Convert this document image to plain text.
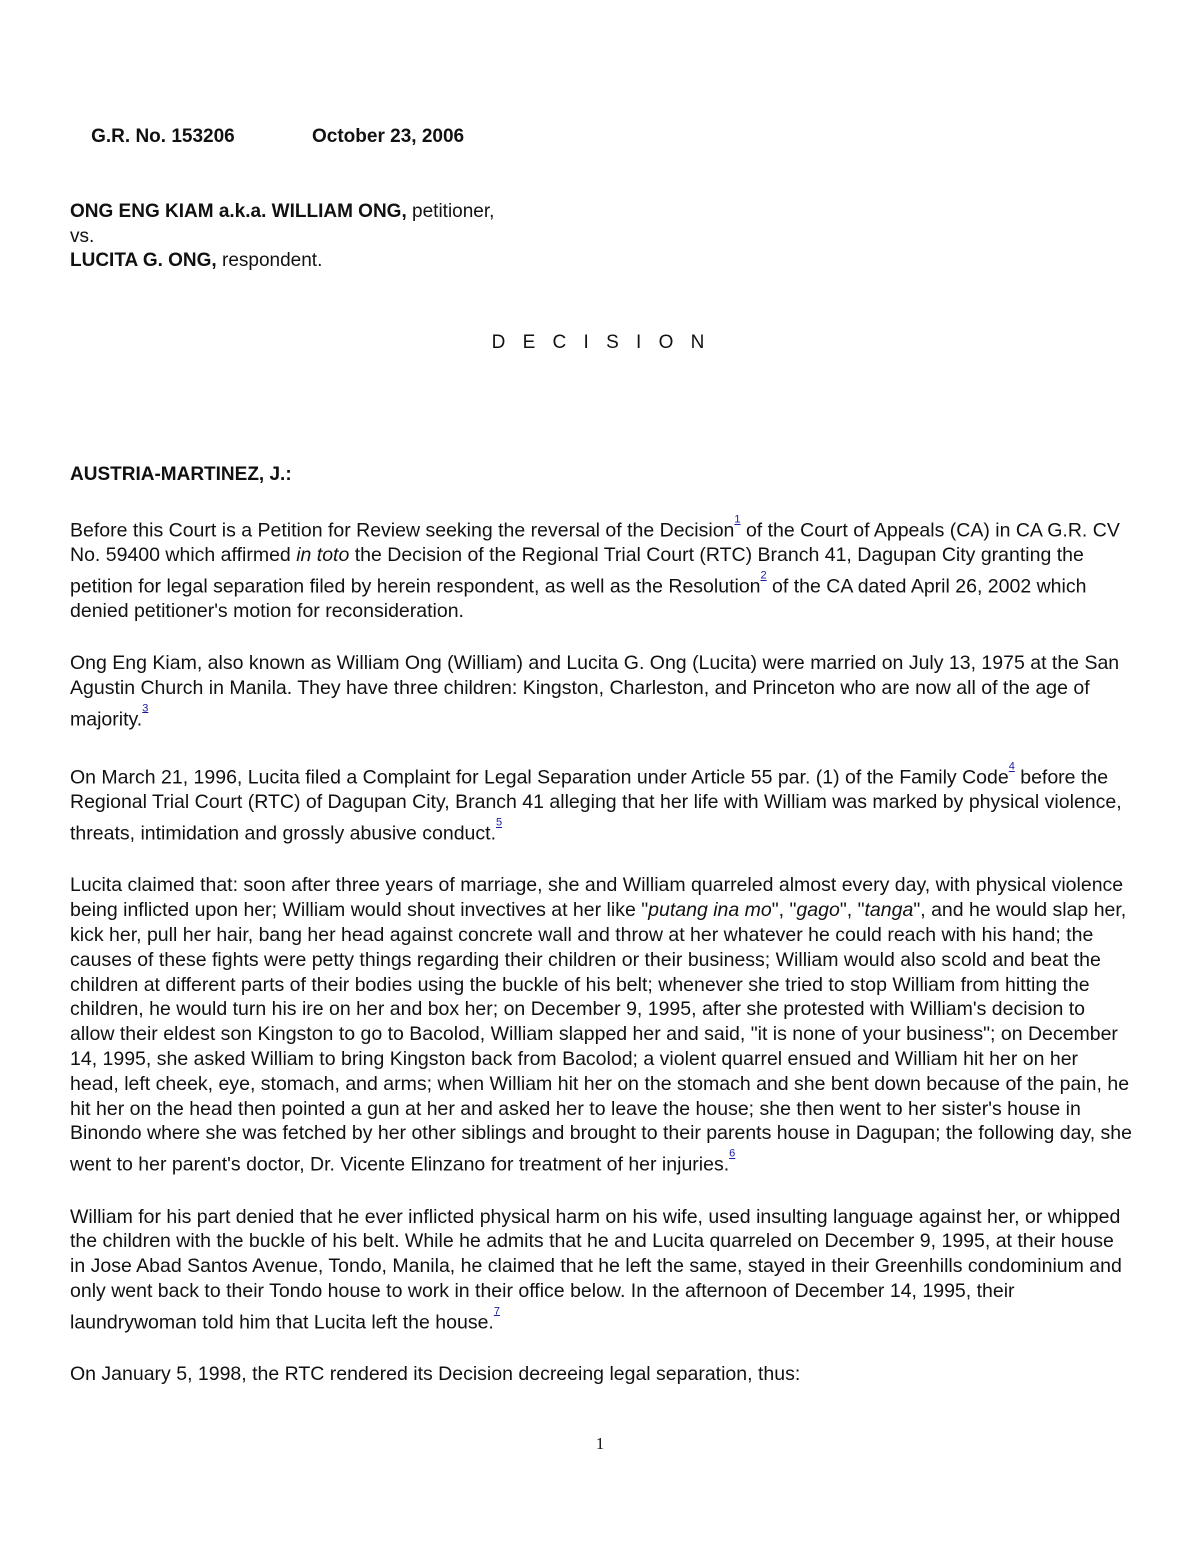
G.R. No. 153206	October 23, 2006

ONG ENG KIAM a.k.a. WILLIAM ONG, petitioner,
vs.
LUCITA G. ONG, respondent.
D E C I S I O N
AUSTRIA-MARTINEZ, J.:

Before this Court is a Petition for Review seeking the reversal of the Decision$^{^1}$ of the Court of Appeals (CA) in CA G.R. CV No. 59400 which affirmed in toto the Decision of the Regional Trial Court (RTC) Branch 41, Dagupan City granting the petition for legal separation filed by herein respondent, as well as the Resolution$^{^2}$ of the CA dated April 26, 2002 which denied petitioner's motion for reconsideration.

Ong Eng Kiam, also known as William Ong (William) and Lucita G. Ong (Lucita) were married on July 13, 1975 at the San Agustin Church in Manila. They have three children: Kingston, Charleston, and Princeton who are now all of the age of majority.$^{^3}$

On March 21, 1996, Lucita filed a Complaint for Legal Separation under Article 55 par. (1) of the Family Code$^{^4}$ before the Regional Trial Court (RTC) of Dagupan City, Branch 41 alleging that her life with William was marked by physical violence, threats, intimidation and grossly abusive conduct.$^{^5}$

Lucita claimed that: soon after three years of marriage, she and William quarreled almost every day, with physical violence being inflicted upon her; William would shout invectives at her like "putang ina mo", "gago", "tanga", and he would slap her, kick her, pull her hair, bang her head against concrete wall and throw at her whatever he could reach with his hand; the causes of these fights were petty things regarding their children or their business; William would also scold and beat the children at different parts of their bodies using the buckle of his belt; whenever she tried to stop William from hitting the children, he would turn his ire on her and box her; on December 9, 1995, after she protested with William's decision to allow their eldest son Kingston to go to Bacolod, William slapped her and said, "it is none of your business"; on December 14, 1995, she asked William to bring Kingston back from Bacolod; a violent quarrel ensued and William hit her on her head, left cheek, eye, stomach, and arms; when William hit her on the stomach and she bent down because of the pain, he hit her on the head then pointed a gun at her and asked her to leave the house; she then went to her sister's house in Binondo where she was fetched by her other siblings and brought to their parents house in Dagupan; the following day, she went to her parent's doctor, Dr. Vicente Elinzano for treatment of her injuries.$^{^6}$

William for his part denied that he ever inflicted physical harm on his wife, used insulting language against her, or whipped the children with the buckle of his belt. While he admits that he and Lucita quarreled on December 9, 1995, at their house in Jose Abad Santos Avenue, Tondo, Manila, he claimed that he left the same, stayed in their Greenhills condominium and only went back to their Tondo house to work in their office below. In the afternoon of December 14, 1995, their laundrywoman told him that Lucita left the house.$^{^7}$

On January 5, 1998, the RTC rendered its Decision decreeing legal separation, thus:

1
